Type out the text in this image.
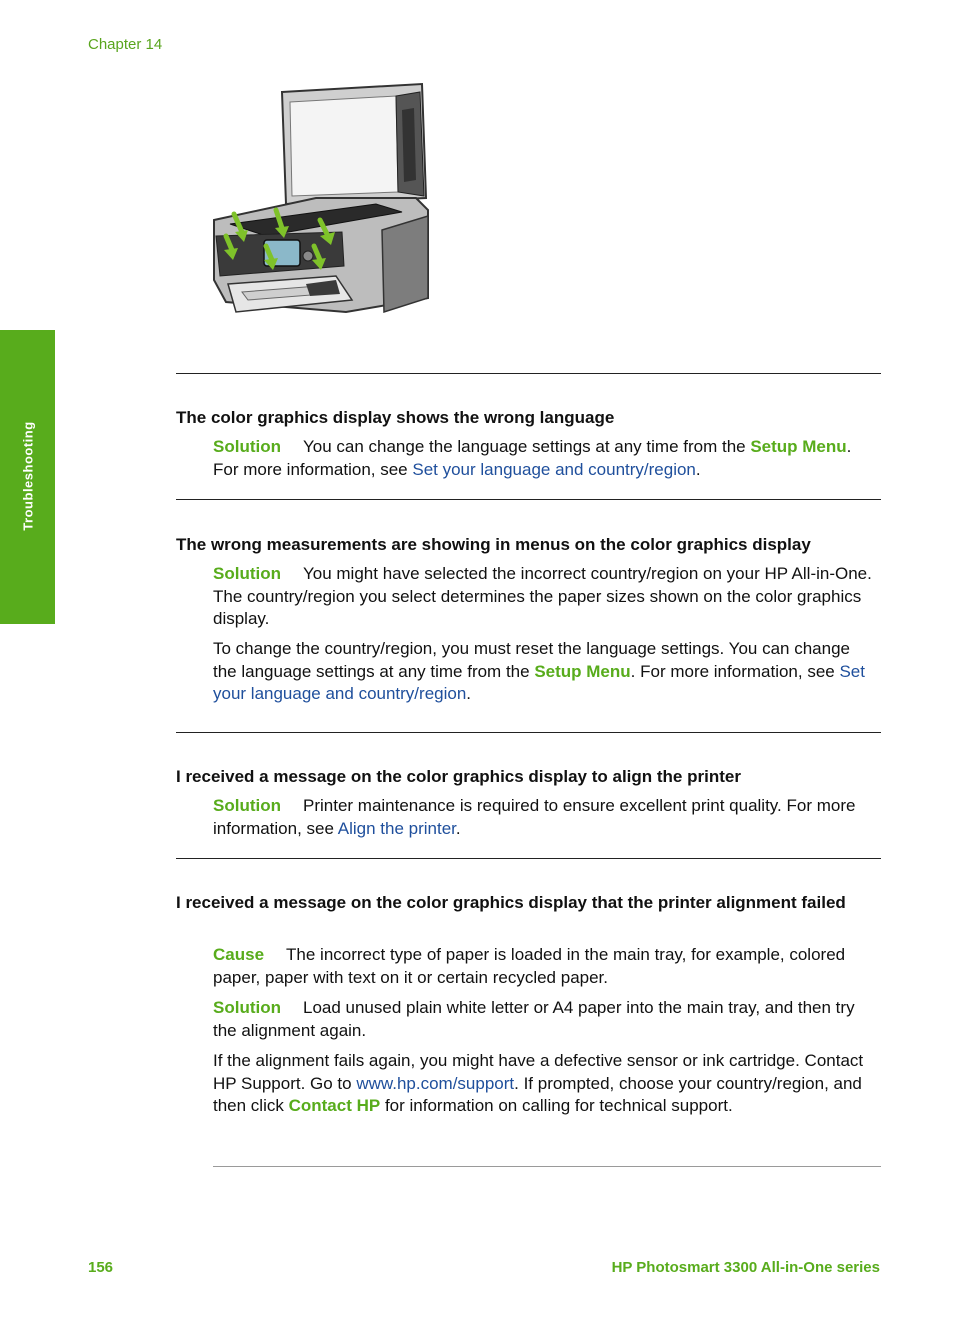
Chapter 14
Troubleshooting
The color graphics display shows the wrong language

Solution You can change the language settings at any time from the Setup Menu. For more information, see Set your language and country/region.

The wrong measurements are showing in menus on the color graphics display

Solution You might have selected the incorrect country/region on your HP All-in-One. The country/region you select determines the paper sizes shown on the color graphics display.

To change the country/region, you must reset the language settings. You can change the language settings at any time from the Setup Menu. For more information, see Set your language and country/region.

I received a message on the color graphics display to align the printer

Solution Printer maintenance is required to ensure excellent print quality. For more information, see Align the printer.

I received a message on the color graphics display that the printer alignment failed

Cause The incorrect type of paper is loaded in the main tray, for example, colored paper, paper with text on it or certain recycled paper.

Solution Load unused plain white letter or A4 paper into the main tray, and then try the alignment again.

If the alignment fails again, you might have a defective sensor or ink cartridge. Contact HP Support. Go to www.hp.com/support. If prompted, choose your country/region, and then click Contact HP for information on calling for technical support.

156	HP Photosmart 3300 All-in-One series
